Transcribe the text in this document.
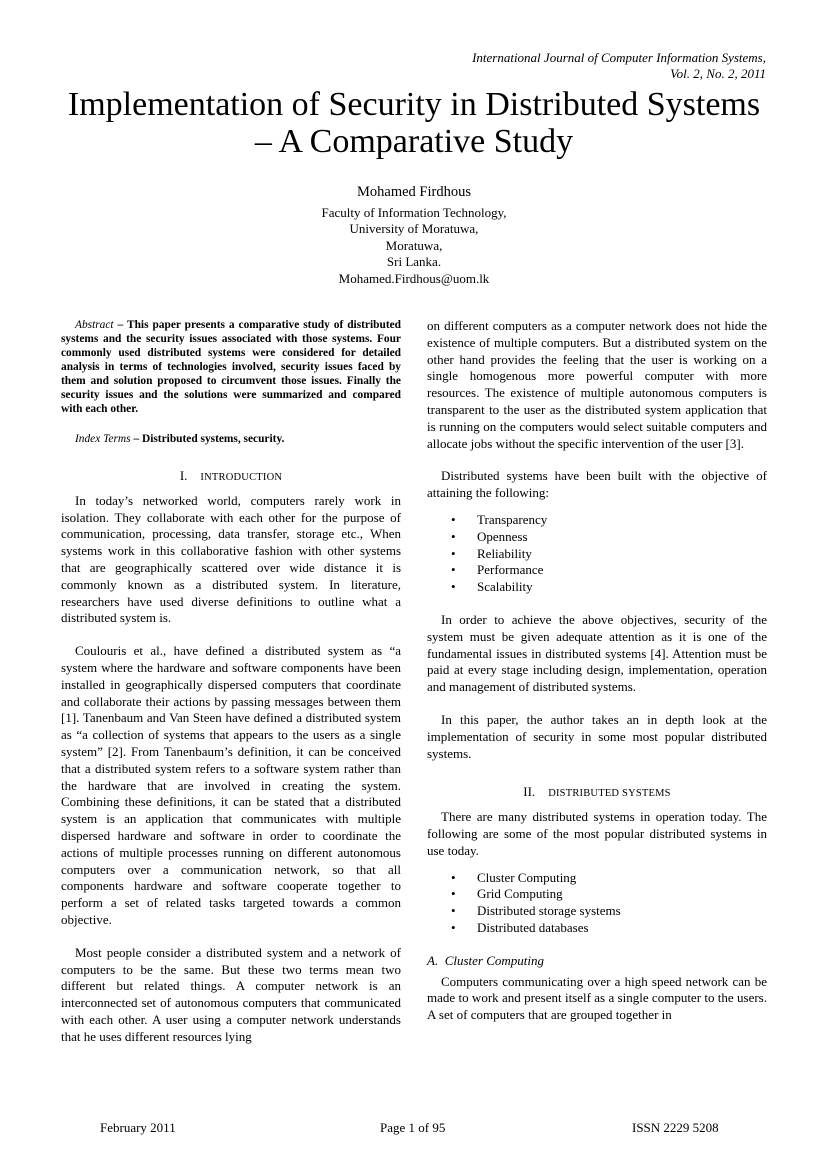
International Journal of Computer Information Systems,
Vol. 2, No. 2, 2011
Implementation of Security in Distributed Systems
– A Comparative Study
Mohamed Firdhous
Faculty of Information Technology,
University of Moratuwa,
Moratuwa,
Sri Lanka.
Mohamed.Firdhous@uom.lk

Abstract – This paper presents a comparative study of distributed systems and the security issues associated with those systems. Four commonly used distributed systems were considered for detailed analysis in terms of technologies involved, security issues faced by them and solution proposed to circumvent those issues. Finally the security issues and the solutions were summarized and compared with each other.

Index Terms – Distributed systems, security.

I. INTRODUCTION

In today’s networked world, computers rarely work in isolation. They collaborate with each other for the purpose of communication, processing, data transfer, storage etc., When systems work in this collaborative fashion with other systems that are geographically scattered over wide distance it is commonly known as a distributed system. In literature, researchers have used diverse definitions to outline what a distributed system is.

Coulouris et al., have defined a distributed system as “a system where the hardware and software components have been installed in geographically dispersed computers that coordinate and collaborate their actions by passing messages between them [1]. Tanenbaum and Van Steen have defined a distributed system as “a collection of systems that appears to the users as a single system” [2]. From Tanenbaum’s definition, it can be conceived that a distributed system refers to a software system rather than the hardware that are involved in creating the system. Combining these definitions, it can be stated that a distributed system is an application that communicates with multiple dispersed hardware and software in order to coordinate the actions of multiple processes running on different autonomous computers over a communication network, so that all components hardware and software cooperate together to perform a set of related tasks targeted towards a common objective.

Most people consider a distributed system and a network of computers to be the same. But these two terms mean two different but related things. A computer network is an interconnected set of autonomous computers that communicated with each other. A user using a computer network understands that he uses different resources lying

on different computers as a computer network does not hide the existence of multiple computers. But a distributed system on the other hand provides the feeling that the user is working on a single homogenous more powerful computer with more resources. The existence of multiple autonomous computers is transparent to the user as the distributed system application that is running on the computers would select suitable computers and allocate jobs without the specific intervention of the user [3].

Distributed systems have been built with the objective of attaining the following:

• Transparency
• Openness
• Reliability
• Performance
• Scalability

In order to achieve the above objectives, security of the system must be given adequate attention as it is one of the fundamental issues in distributed systems [4]. Attention must be paid at every stage including design, implementation, operation and management of distributed systems.

In this paper, the author takes an in depth look at the implementation of security in some most popular distributed systems.

II. DISTRIBUTED SYSTEMS

There are many distributed systems in operation today. The following are some of the most popular distributed systems in use today.

• Cluster Computing
• Grid Computing
• Distributed storage systems
• Distributed databases
A. Cluster Computing

Computers communicating over a high speed network can be made to work and present itself as a single computer to the users. A set of computers that are grouped together in

February 2011	Page 1 of 95	ISSN 2229 5208
